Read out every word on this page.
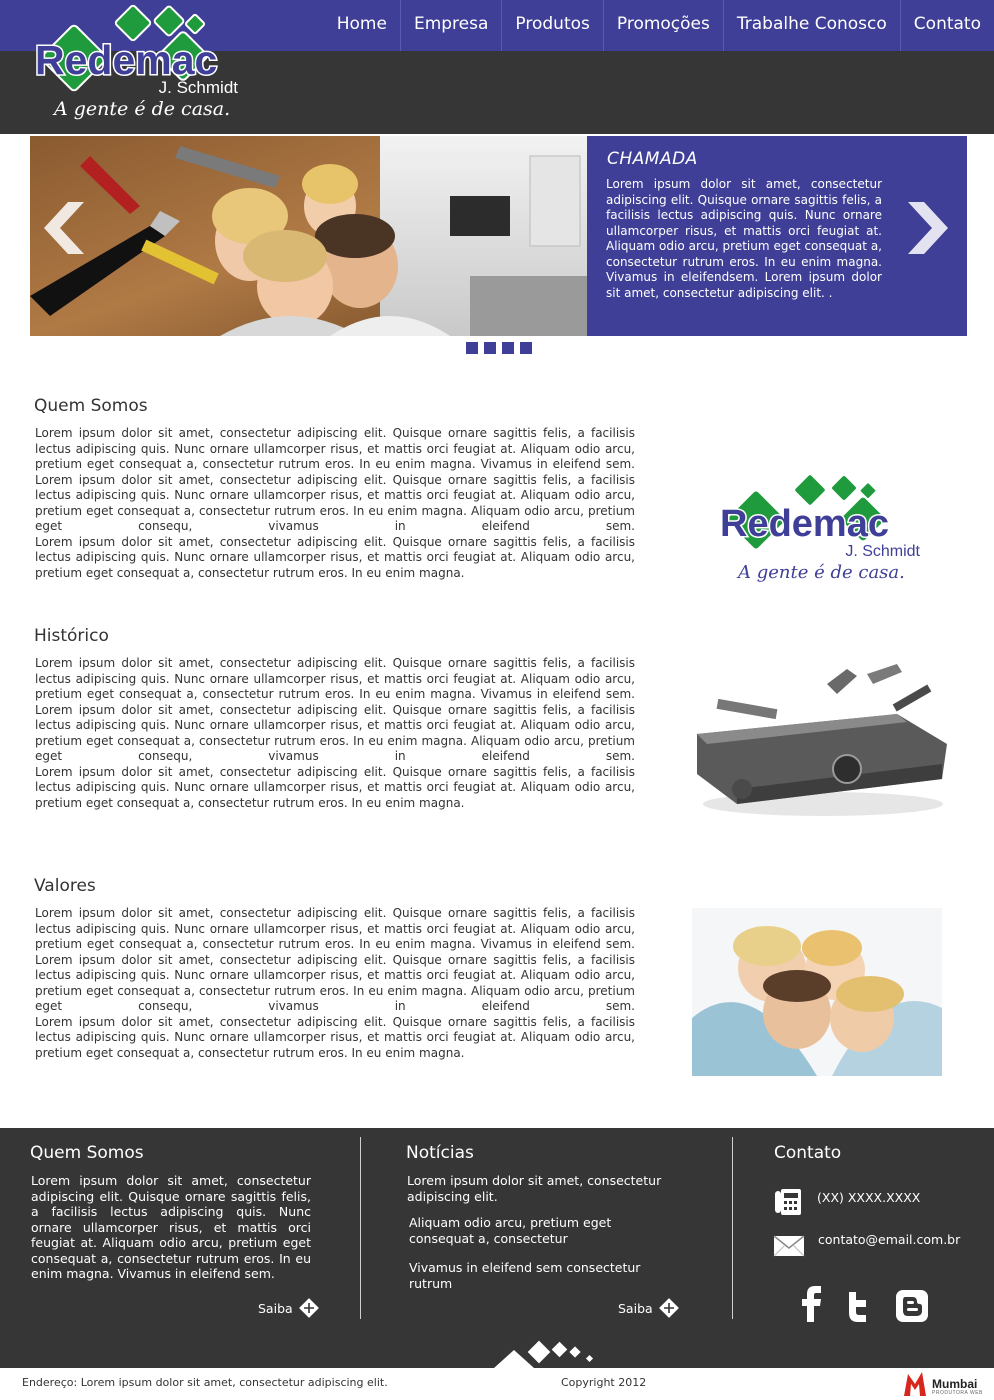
Home	Empresa	Produtos	Promoções	Trabalhe Conosco	Contato
Redemac
J. Schmidt
A gente é de casa.
CHAMADA
Lorem ipsum dolor sit amet, consectetur adipiscing elit. Quisque ornare sagittis felis, a facilisis lectus adipiscing quis. Nunc ornare ullamcorper risus, et mattis orci feugiat at. Aliquam odio arcu, pretium eget consequat a, consectetur rutrum eros. In eu enim magna. Vivamus in eleifendsem. Lorem ipsum dolor sit amet, consectetur adipiscing elit. .
Quem Somos

Lorem ipsum dolor sit amet, consectetur adipiscing elit. Quisque ornare sagittis felis, a facilisis lectus adipiscing quis. Nunc ornare ullamcorper risus, et mattis orci feugiat at. Aliquam odio arcu, pretium eget consequat a, consectetur rutrum eros. In eu enim magna. Vivamus in eleifend sem.

Lorem ipsum dolor sit amet, consectetur adipiscing elit. Quisque ornare sagittis felis, a facilisis lectus adipiscing quis. Nunc ornare ullamcorper risus, et mattis orci feugiat at. Aliquam odio arcu, pretium eget consequat a, consectetur rutrum eros. In eu enim magna. Aliquam odio arcu, pretium eget consequ, vivamus in eleifend sem.

Lorem ipsum dolor sit amet, consectetur adipiscing elit. Quisque ornare sagittis felis, a facilisis lectus adipiscing quis. Nunc ornare ullamcorper risus, et mattis orci feugiat at. Aliquam odio arcu, pretium eget consequat a, consectetur rutrum eros. In eu enim magna.

Redemac
J. Schmidt
A gente é de casa.
Histórico

Lorem ipsum dolor sit amet, consectetur adipiscing elit. Quisque ornare sagittis felis, a facilisis lectus adipiscing quis. Nunc ornare ullamcorper risus, et mattis orci feugiat at. Aliquam odio arcu, pretium eget consequat a, consectetur rutrum eros. In eu enim magna. Vivamus in eleifend sem.

Lorem ipsum dolor sit amet, consectetur adipiscing elit. Quisque ornare sagittis felis, a facilisis lectus adipiscing quis. Nunc ornare ullamcorper risus, et mattis orci feugiat at. Aliquam odio arcu, pretium eget consequat a, consectetur rutrum eros. In eu enim magna. Aliquam odio arcu, pretium eget consequ, vivamus in eleifend sem.

Lorem ipsum dolor sit amet, consectetur adipiscing elit. Quisque ornare sagittis felis, a facilisis lectus adipiscing quis. Nunc ornare ullamcorper risus, et mattis orci feugiat at. Aliquam odio arcu, pretium eget consequat a, consectetur rutrum eros. In eu enim magna.

Valores

Lorem ipsum dolor sit amet, consectetur adipiscing elit. Quisque ornare sagittis felis, a facilisis lectus adipiscing quis. Nunc ornare ullamcorper risus, et mattis orci feugiat at. Aliquam odio arcu, pretium eget consequat a, consectetur rutrum eros. In eu enim magna. Vivamus in eleifend sem.

Lorem ipsum dolor sit amet, consectetur adipiscing elit. Quisque ornare sagittis felis, a facilisis lectus adipiscing quis. Nunc ornare ullamcorper risus, et mattis orci feugiat at. Aliquam odio arcu, pretium eget consequat a, consectetur rutrum eros. In eu enim magna. Aliquam odio arcu, pretium eget consequ, vivamus in eleifend sem.

Lorem ipsum dolor sit amet, consectetur adipiscing elit. Quisque ornare sagittis felis, a facilisis lectus adipiscing quis. Nunc ornare ullamcorper risus, et mattis orci feugiat at. Aliquam odio arcu, pretium eget consequat a, consectetur rutrum eros. In eu enim magna.

Quem Somos
Lorem ipsum dolor sit amet, consectetur adipiscing elit. Quisque ornare sagittis felis, a facilisis lectus adipiscing quis. Nunc ornare ullamcorper risus, et mattis orci feugiat at. Aliquam odio arcu, pretium eget consequat a, consectetur rutrum eros. In eu enim magna. Vivamus in eleifend sem.
Saiba
Notícias
Lorem ipsum dolor sit amet, consectetur adipiscing elit.
Aliquam odio arcu, pretium eget consequat a, consectetur
Vivamus in eleifend sem consectetur rutrum
Saiba
Contato
(XX) XXXX.XXXX
contato@email.com.br
Endereço: Lorem ipsum dolor sit amet, consectetur adipiscing elit.	Copyright 2012	Mumbai
PRODUTORA WEB
